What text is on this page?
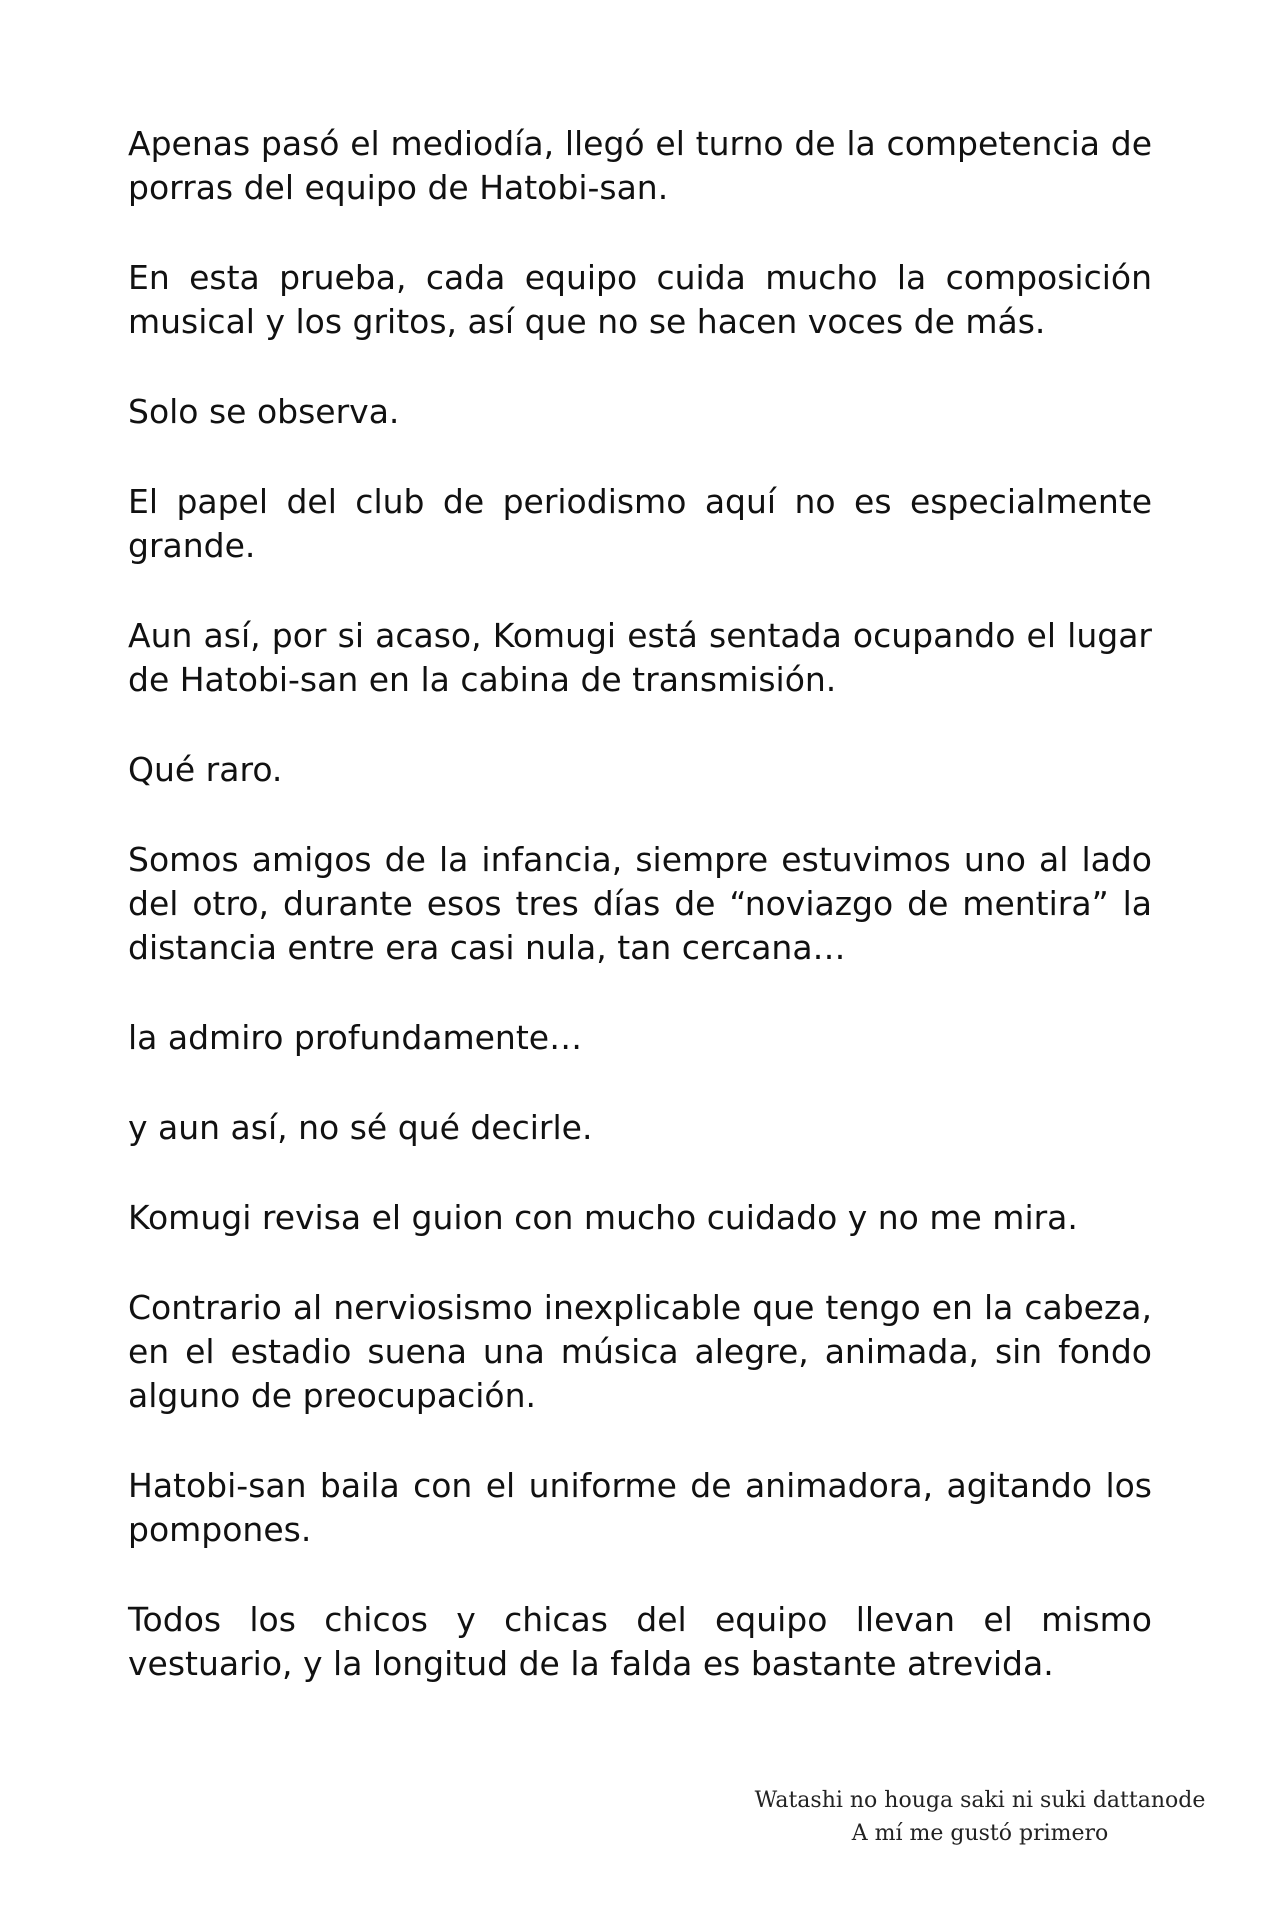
Apenas pasó el mediodía, llegó el turno de la competencia de porras del equipo de Hatobi-san.

En esta prueba, cada equipo cuida mucho la composición musical y los gritos, así que no se hacen voces de más.

Solo se observa.

El papel del club de periodismo aquí no es especialmente grande.

Aun así, por si acaso, Komugi está sentada ocupando el lugar de Hatobi-san en la cabina de transmisión.

Qué raro.

Somos amigos de la infancia, siempre estuvimos uno al lado del otro, durante esos tres días de “noviazgo de mentira” la distancia entre era casi nula, tan cercana…

la admiro profundamente…

y aun así, no sé qué decirle.

Komugi revisa el guion con mucho cuidado y no me mira.

Contrario al nerviosismo inexplicable que tengo en la cabeza, en el estadio suena una música alegre, animada, sin fondo alguno de preocupación.

Hatobi-san baila con el uniforme de animadora, agitando los pompones.

Todos los chicos y chicas del equipo llevan el mismo vestuario, y la longitud de la falda es bastante atrevida.

Watashi no houga saki ni suki dattanode
A mí me gustó primero
